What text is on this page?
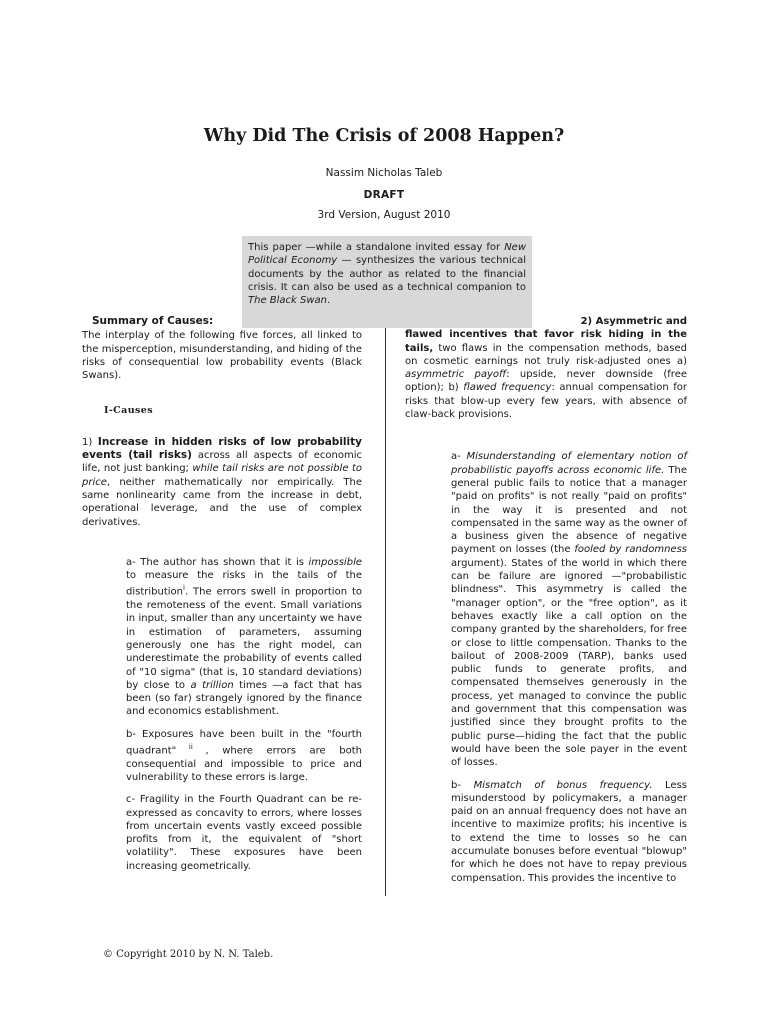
Why Did The Crisis of 2008 Happen?
Nassim Nicholas Taleb
DRAFT
3rd Version, August 2010
This paper —while a standalone invited essay for New Political Economy — synthesizes the various technical documents by the author as related to the financial crisis. It can also be used as a technical companion to The Black Swan.
Summary of Causes:

The interplay of the following five forces, all linked to the misperception, misunderstanding, and hiding of the risks of consequential low probability events (Black Swans).

I-Causes

1) Increase in hidden risks of low probability events (tail risks) across all aspects of economic life, not just banking; while tail risks are not possible to price, neither mathematically nor empirically. The same nonlinearity came from the increase in debt, operational leverage, and the use of complex derivatives.

a- The author has shown that it is impossible to measure the risks in the tails of the distribution$^i$. The errors swell in proportion to the remoteness of the event. Small variations in input, smaller than any uncertainty we have in estimation of parameters, assuming generously one has the right model, can underestimate the probability of events called of "10 sigma" (that is, 10 standard deviations) by close to a trillion times —a fact that has been (so far) strangely ignored by the finance and economics establishment.

b- Exposures have been built in the "fourth quadrant" $^{ii}$ , where errors are both consequential and impossible to price and vulnerability to these errors is large.

c- Fragility in the Fourth Quadrant can be re-expressed as concavity to errors, where losses from uncertain events vastly exceed possible profits from it, the equivalent of "short volatility". These exposures have been increasing geometrically.

2) Asymmetric and
flawed incentives that favor risk hiding in the tails, two flaws in the compensation methods, based on cosmetic earnings not truly risk-adjusted ones a) asymmetric payoff: upside, never downside (free option); b) flawed frequency: annual compensation for risks that blow-up every few years, with absence of claw-back provisions.

a- Misunderstanding of elementary notion of probabilistic payoffs across economic life. The general public fails to notice that a manager "paid on profits" is not really "paid on profits" in the way it is presented and not compensated in the same way as the owner of a business given the absence of negative payment on losses (the fooled by randomness argument). States of the world in which there can be failure are ignored —"probabilistic blindness". This asymmetry is called the "manager option", or the "free option", as it behaves exactly like a call option on the company granted by the shareholders, for free or close to little compensation. Thanks to the bailout of 2008-2009 (TARP), banks used public funds to generate profits, and compensated themselves generously in the process, yet managed to convince the public and government that this compensation was justified since they brought profits to the public purse—hiding the fact that the public would have been the sole payer in the event of losses.

b- Mismatch of bonus frequency. Less misunderstood by policymakers, a manager paid on an annual frequency does not have an incentive to maximize profits; his incentive is to extend the time to losses so he can accumulate bonuses before eventual "blowup" for which he does not have to repay previous compensation. This provides the incentive to

© Copyright 2010 by N. N. Taleb.
